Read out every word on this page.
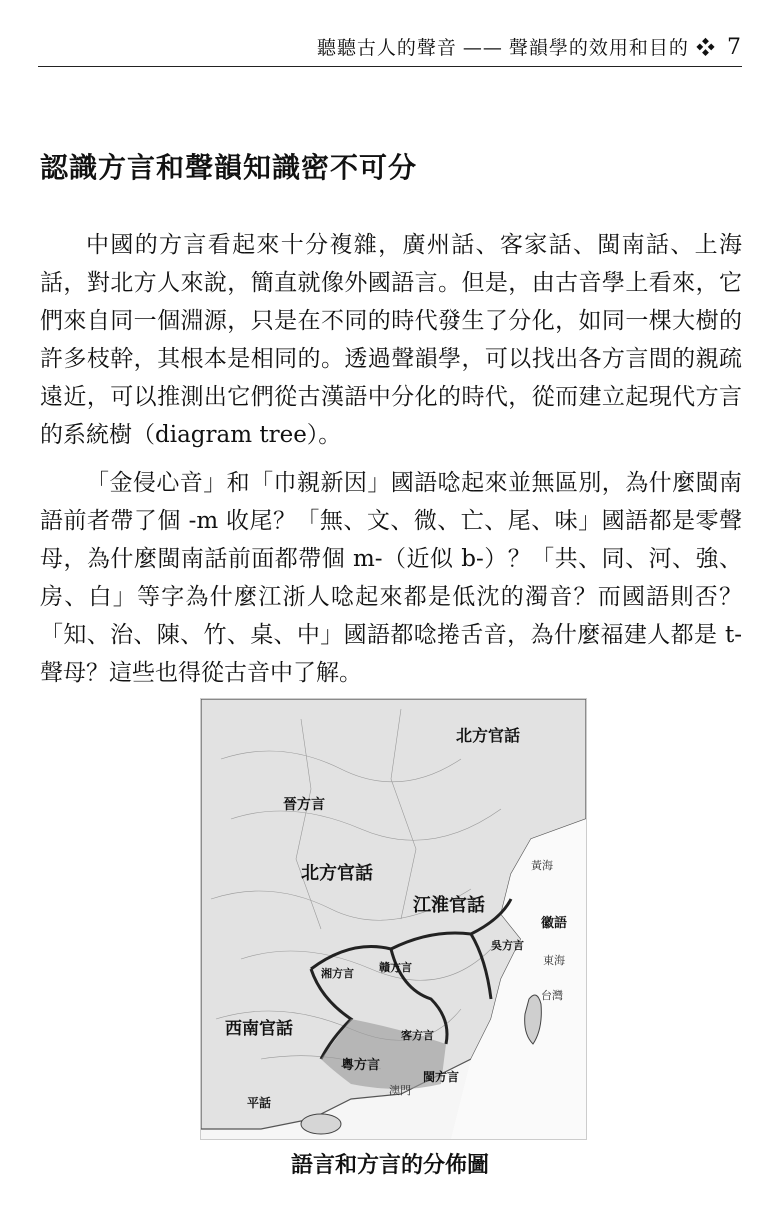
聽聽古人的聲音 —— 聲韻學的效用和目的 ❖ 7
認識方言和聲韻知識密不可分

中國的方言看起來十分複雜，廣州話、客家話、閩南話、上海話，對北方人來說，簡直就像外國語言。但是，由古音學上看來，它們來自同一個淵源，只是在不同的時代發生了分化，如同一棵大樹的許多枝幹，其根本是相同的。透過聲韻學，可以找出各方言間的親疏遠近，可以推測出它們從古漢語中分化的時代，從而建立起現代方言的系統樹（diagram tree）。

「金侵心音」和「巾親新因」國語唸起來並無區別，為什麼閩南語前者帶了個 -m 收尾？「無、文、微、亡、尾、味」國語都是零聲母，為什麼閩南話前面都帶個 m-（近似 b-）？「共、同、河、強、房、白」等字為什麼江浙人唸起來都是低沈的濁音？而國語則否？「知、治、陳、竹、桌、中」國語都唸捲舌音，為什麼福建人都是 t-聲母？這些也得從古音中了解。

北方官話
晉方言
北方官話
江淮官話
徽語
吳方言
湘方言 贛方言
西南官話	客方言
粵方言
閩方言
平話
台灣
黃海
東海
澳門
語言和方言的分佈圖
